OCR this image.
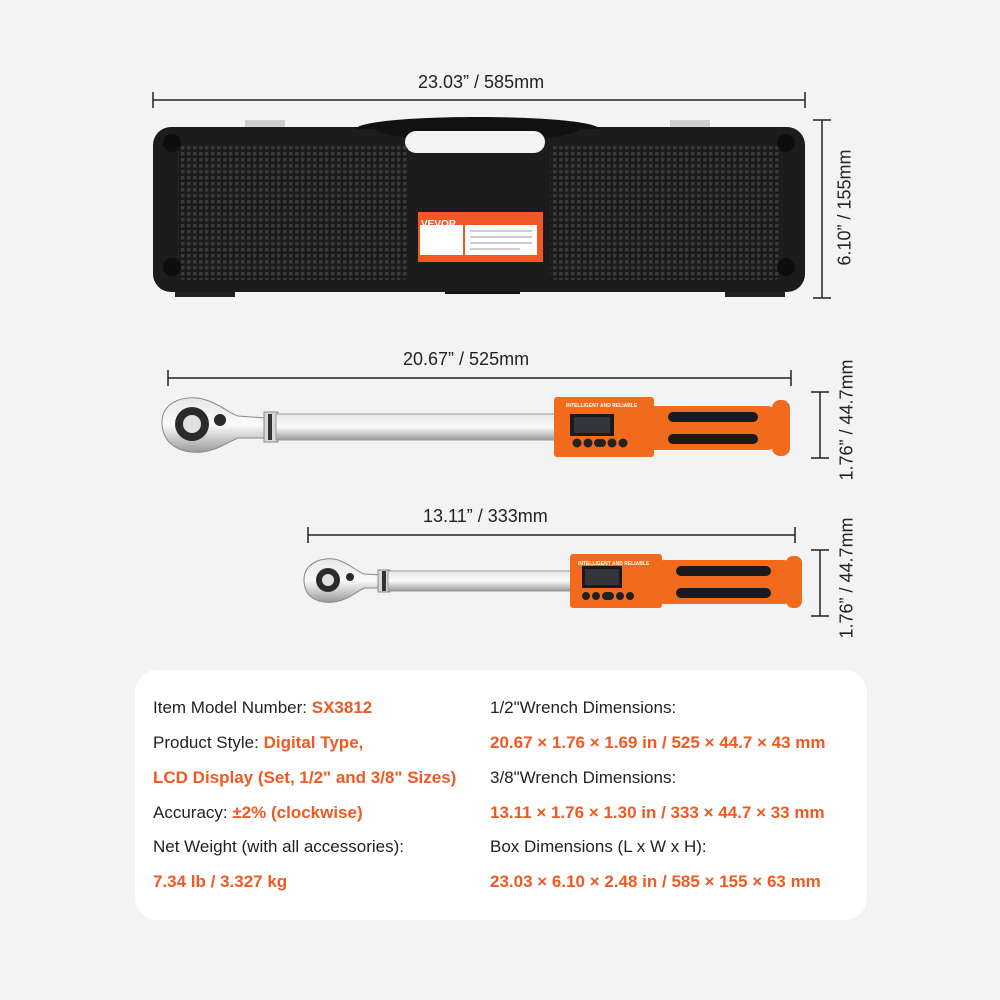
23.03” / 585mm
VEVOR	6.10” / 155mm
20.67” / 525mm
INTELLIGENT AND RELIABLE	1.76” / 44.7mm
13.11” / 333mm
INTELLIGENT AND RELIABLE	1.76” / 44.7mm
Item Model Number: SX3812
Product Style: Digital Type,
LCD Display (Set, 1/2" and 3/8" Sizes)
Accuracy: ±2% (clockwise)
Net Weight (with all accessories):
7.34 lb / 3.327 kg
1/2"Wrench Dimensions:
20.67 × 1.76 × 1.69 in / 525 × 44.7 × 43 mm
3/8"Wrench Dimensions:
13.11 × 1.76 × 1.30 in / 333 × 44.7 × 33 mm
Box Dimensions (L x W x H):
23.03 × 6.10 × 2.48 in / 585 × 155 × 63 mm
